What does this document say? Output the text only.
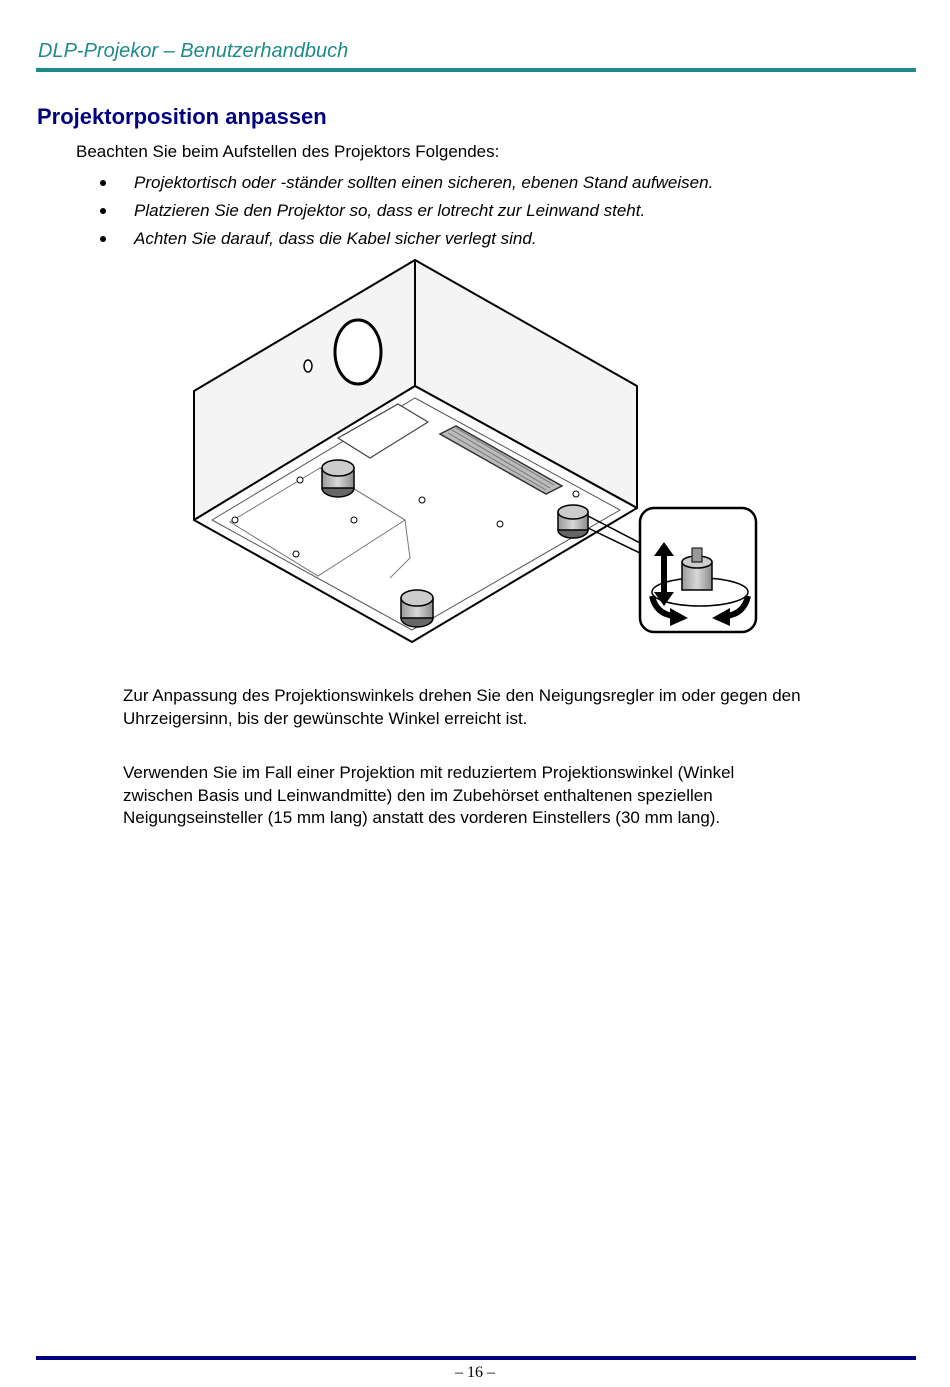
DLP-Projekor – Benutzerhandbuch
Projektorposition anpassen
Beachten Sie beim Aufstellen des Projektors Folgendes:
Projektortisch oder -ständer sollten einen sicheren, ebenen Stand aufweisen.
Platzieren Sie den Projektor so, dass er lotrecht zur Leinwand steht.
Achten Sie darauf, dass die Kabel sicher verlegt sind.
Zur Anpassung des Projektionswinkels drehen Sie den Neigungsregler im oder gegen den Uhrzeigersinn, bis der gewünschte Winkel erreicht ist.
Verwenden Sie im Fall einer Projektion mit reduziertem Projektionswinkel (Winkel zwischen Basis und Leinwandmitte) den im Zubehörset enthaltenen speziellen Neigungseinsteller (15 mm lang) anstatt des vorderen Einstellers (30 mm lang).
– 16 –
